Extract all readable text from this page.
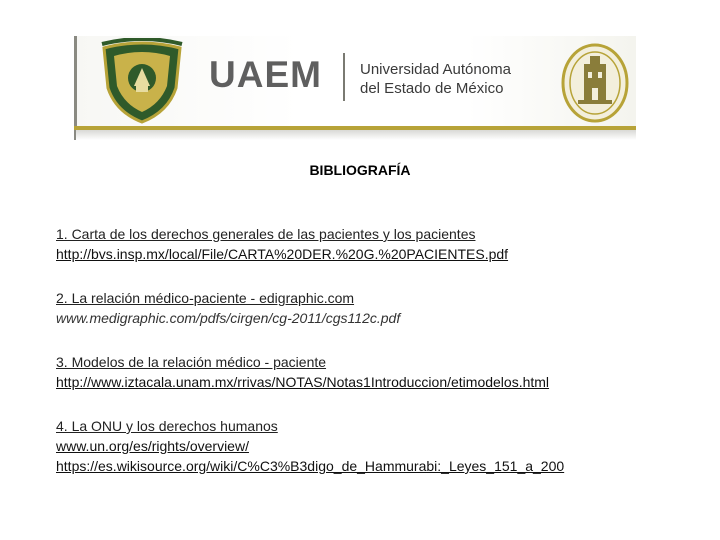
UAEM	Universidad Autónoma
del Estado de México
BIBLIOGRAFÍA
1. Carta de los derechos generales de las pacientes y los pacientes
http://bvs.insp.mx/local/File/CARTA%20DER.%20G.%20PACIENTES.pdf
2. La relación médico-paciente - edigraphic.com
www.medigraphic.com/pdfs/cirgen/cg-2011/cgs112c.pdf
3. Modelos de la relación médico - paciente
http://www.iztacala.unam.mx/rrivas/NOTAS/Notas1Introduccion/etimodelos.html
4. La ONU y los derechos humanos
www.un.org/es/rights/overview/
https://es.wikisource.org/wiki/C%C3%B3digo_de_Hammurabi:_Leyes_151_a_200
